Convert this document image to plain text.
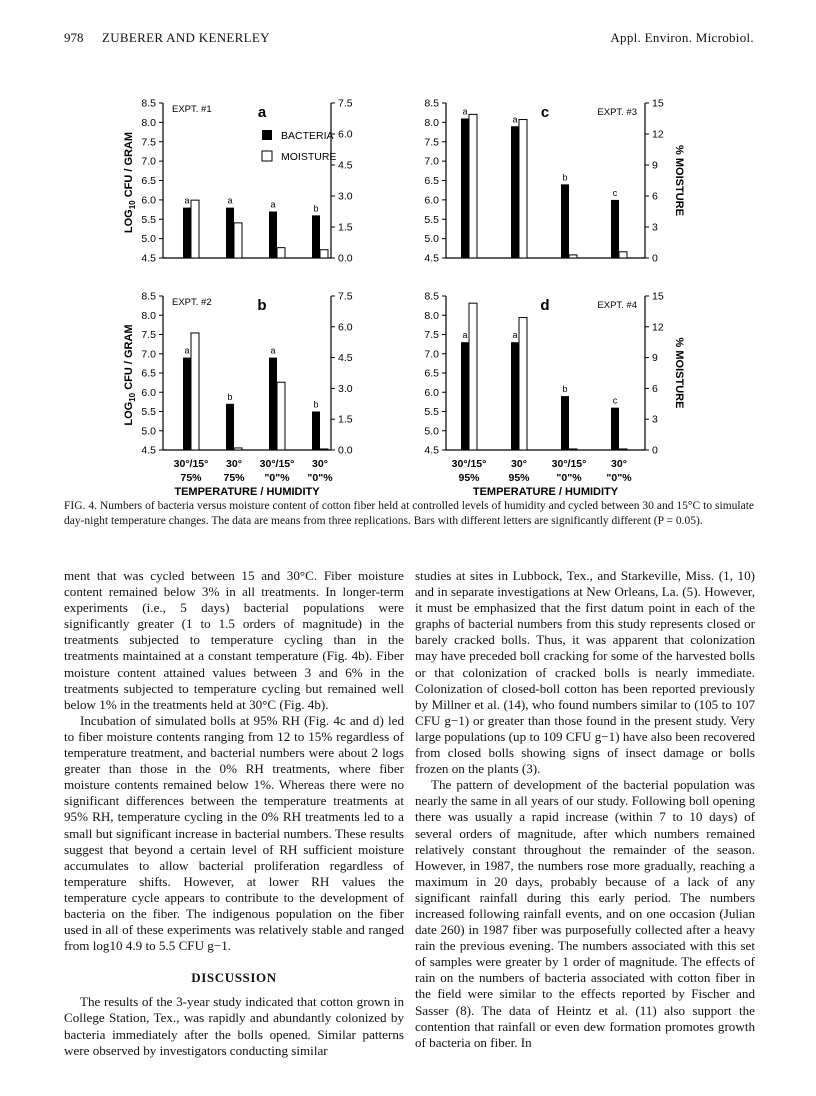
978 ZUBERER AND KENERLEY	Appl. Environ. Microbiol.
8.5
8.0
7.5
7.0
6.5
6.0
5.5
5.0
4.5
7.5
6.0
4.5
3.0
1.5
0.0
a	a	a	b
a
EXPT. #1
$LOG_{10}$ CFU / GRAM	BACTERIA
MOISTURE
8.5
8.0
7.5
7.0
6.5
6.0
5.5
5.0
4.5
15
12
9
6
3
0
a
a
b
c
c	EXPT. #3
% MOISTURE
8.5
8.0
7.5
7.0
6.5
6.0
5.5
5.0
4.5
7.5
6.0
4.5
3.0
1.5
0.0
a
b
a
b
b
EXPT. #2
$LOG_{10}$ CFU / GRAM
30°/15°
75%
30°
75%
30°/15°
"0"%
30°
"0"%
TEMPERATURE / HUMIDITY
8.5
8.0
7.5
7.0
6.5
6.0
5.5
5.0
4.5
15
12
9
6
3
0
a	a
b
c
d	EXPT. #4
% MOISTURE
30°/15°
95%
30°
95%
30°/15°
"0"%
30°
"0"%
TEMPERATURE / HUMIDITY
FIG. 4. Numbers of bacteria versus moisture content of cotton fiber held at controlled levels of humidity and cycled between 30 and 15°C to simulate day-night temperature changes. The data are means from three replications. Bars with different letters are significantly different (P = 0.05).

ment that was cycled between 15 and 30°C. Fiber moisture content remained below 3% in all treatments. In longer-term experiments (i.e., 5 days) bacterial populations were significantly greater (1 to 1.5 orders of magnitude) in the treatments subjected to temperature cycling than in the treatments maintained at a constant temperature (Fig. 4b). Fiber moisture content attained values between 3 and 6% in the treatments subjected to temperature cycling but remained well below 1% in the treatments held at 30°C (Fig. 4b).

Incubation of simulated bolls at 95% RH (Fig. 4c and d) led to fiber moisture contents ranging from 12 to 15% regardless of temperature treatment, and bacterial numbers were about 2 logs greater than those in the 0% RH treatments, where fiber moisture contents remained below 1%. Whereas there were no significant differences between the temperature treatments at 95% RH, temperature cycling in the 0% RH treatments led to a small but significant increase in bacterial numbers. These results suggest that beyond a certain level of RH sufficient moisture accumulates to allow bacterial proliferation regardless of temperature shifts. However, at lower RH values the temperature cycle appears to contribute to the development of bacteria on the fiber. The indigenous population on the fiber used in all of these experiments was relatively stable and ranged from log10 4.9 to 5.5 CFU g−1.

DISCUSSION

The results of the 3-year study indicated that cotton grown in College Station, Tex., was rapidly and abundantly colonized by bacteria immediately after the bolls opened. Similar patterns were observed by investigators conducting similar

studies at sites in Lubbock, Tex., and Starkeville, Miss. (1, 10) and in separate investigations at New Orleans, La. (5). However, it must be emphasized that the first datum point in each of the graphs of bacterial numbers from this study represents closed or barely cracked bolls. Thus, it was apparent that colonization may have preceded boll cracking for some of the harvested bolls or that colonization of cracked bolls is nearly immediate. Colonization of closed-boll cotton has been reported previously by Millner et al. (14), who found numbers similar to (105 to 107 CFU g−1) or greater than those found in the present study. Very large populations (up to 109 CFU g−1) have also been recovered from closed bolls showing signs of insect damage or bolls frozen on the plants (3).

The pattern of development of the bacterial population was nearly the same in all years of our study. Following boll opening there was usually a rapid increase (within 7 to 10 days) of several orders of magnitude, after which numbers remained relatively constant throughout the remainder of the season. However, in 1987, the numbers rose more gradually, reaching a maximum in 20 days, probably because of a lack of any significant rainfall during this early period. The numbers increased following rainfall events, and on one occasion (Julian date 260) in 1987 fiber was purposefully collected after a heavy rain the previous evening. The numbers associated with this set of samples were greater by 1 order of magnitude. The effects of rain on the numbers of bacteria associated with cotton fiber in the field were similar to the effects reported by Fischer and Sasser (8). The data of Heintz et al. (11) also support the contention that rainfall or even dew formation promotes growth of bacteria on fiber. In
